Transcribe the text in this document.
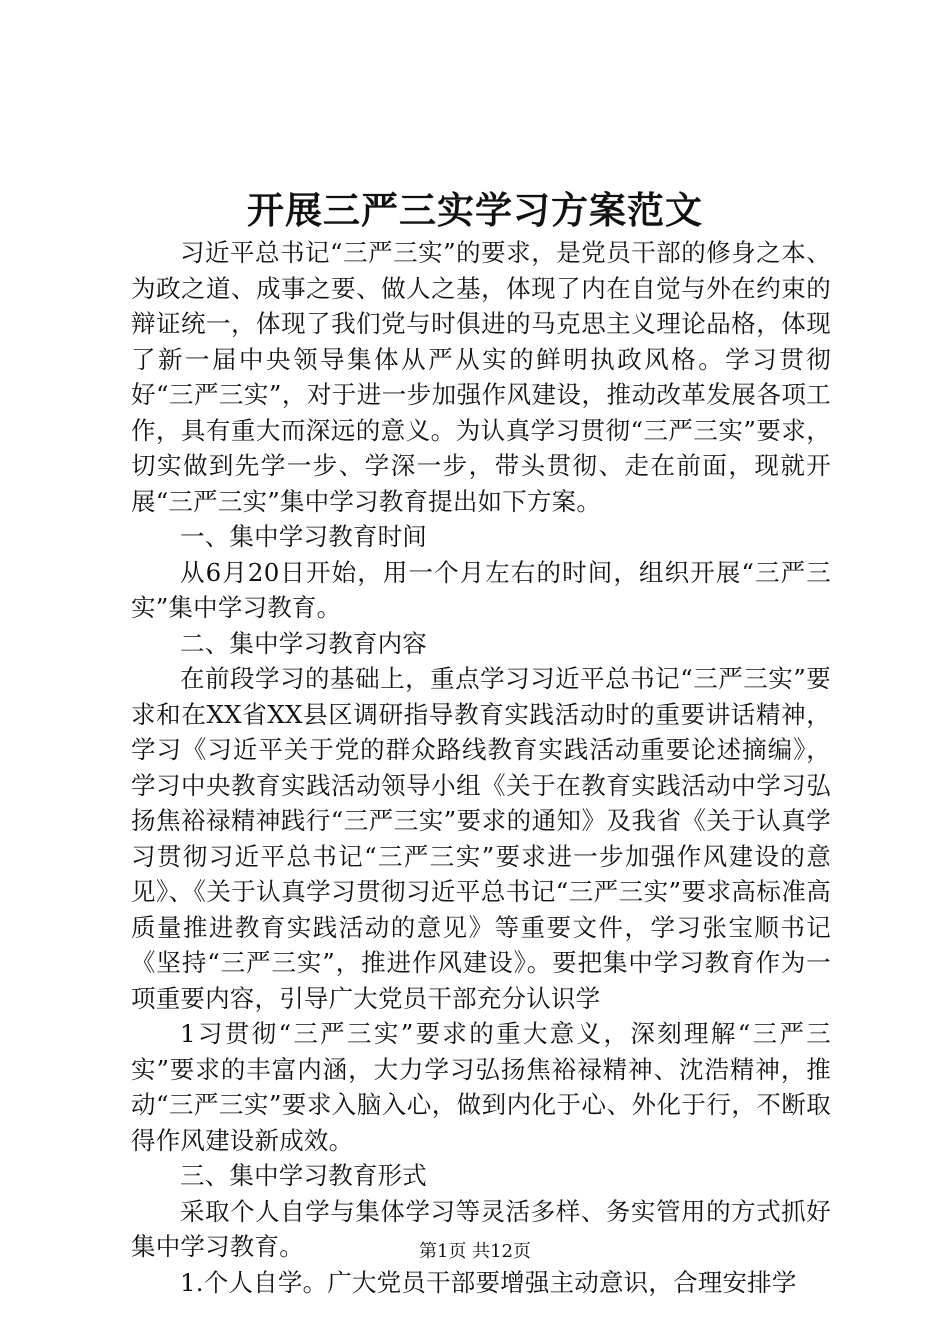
开展三严三实学习方案范文

习近平总书记“三严三实”的要求，是党员干部的修身之本、为政之道、成事之要、做人之基，体现了内在自觉与外在约束的辩证统一，体现了我们党与时俱进的马克思主义理论品格，体现了新一届中央领导集体从严从实的鲜明执政风格。学习贯彻好“三严三实”，对于进一步加强作风建设，推动改革发展各项工作，具有重大而深远的意义。为认真学习贯彻“三严三实”要求，切实做到先学一步、学深一步，带头贯彻、走在前面，现就开展“三严三实”集中学习教育提出如下方案。

一、集中学习教育时间

从6月20日开始，用一个月左右的时间，组织开展“三严三实”集中学习教育。

二、集中学习教育内容

在前段学习的基础上，重点学习习近平总书记“三严三实”要求和在XX省XX县区调研指导教育实践活动时的重要讲话精神，学习《习近平关于党的群众路线教育实践活动重要论述摘编》，学习中央教育实践活动领导小组《关于在教育实践活动中学习弘扬焦裕禄精神践行“三严三实”要求的通知》及我省《关于认真学习贯彻习近平总书记“三严三实”要求进一步加强作风建设的意见》、《关于认真学习贯彻习近平总书记“三严三实”要求高标准高质量推进教育实践活动的意见》等重要文件，学习张宝顺书记《坚持“三严三实”，推进作风建设》。要把集中学习教育作为一项重要内容，引导广大党员干部充分认识学

1习贯彻“三严三实”要求的重大意义，深刻理解“三严三实”要求的丰富内涵，大力学习弘扬焦裕禄精神、沈浩精神，推动“三严三实”要求入脑入心，做到内化于心、外化于行，不断取得作风建设新成效。

三、集中学习教育形式

采取个人自学与集体学习等灵活多样、务实管用的方式抓好集中学习教育。

1.个人自学。广大党员干部要增强主动意识，合理安排学

第1页 共12页
